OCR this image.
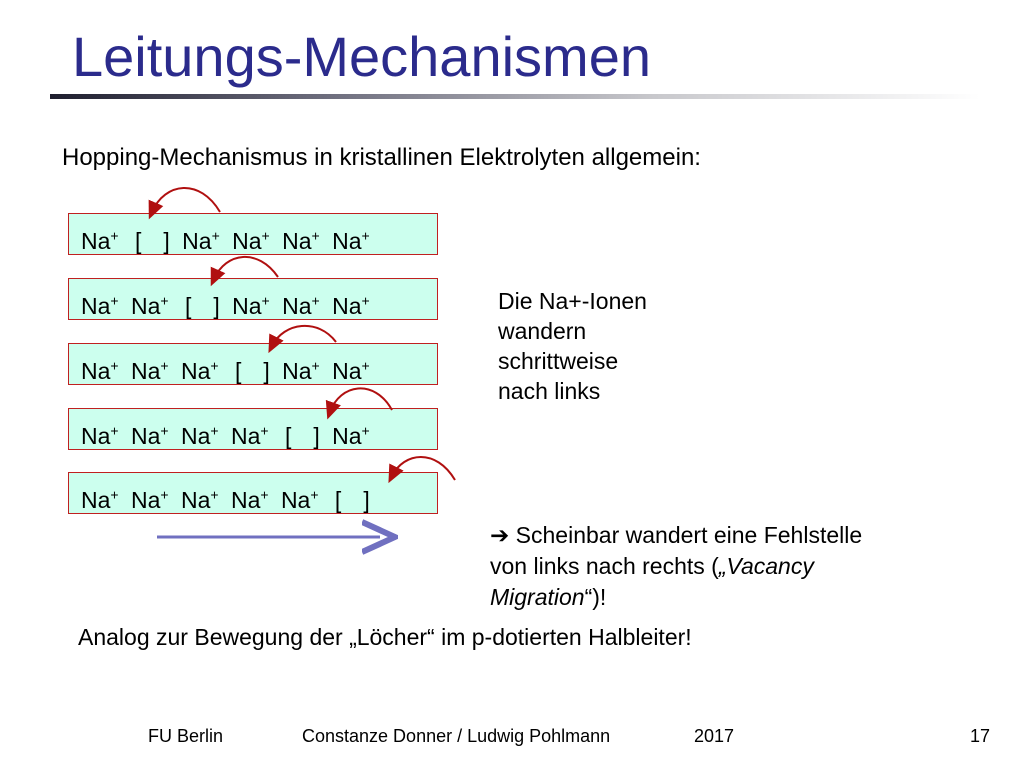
Leitungs-Mechanismen
Hopping-Mechanismus in kristallinen Elektrolyten allgemein:
Na+ [ ] Na+ Na+ Na+ Na+
Na+ Na+ [ ] Na+ Na+ Na+
Na+ Na+ Na+ [ ] Na+ Na+
Na+ Na+ Na+ Na+ [ ] Na+
Na+ Na+ Na+ Na+ Na+ [ ]
Die Na+-Ionen
wandern
schrittweise
nach links
➔ Scheinbar wandert eine Fehlstelle
von links nach rechts („Vacancy
Migration“)!
Analog zur Bewegung der „Löcher“ im p-dotierten Halbleiter!
FU Berlin	Constanze Donner / Ludwig Pohlmann	2017	17
